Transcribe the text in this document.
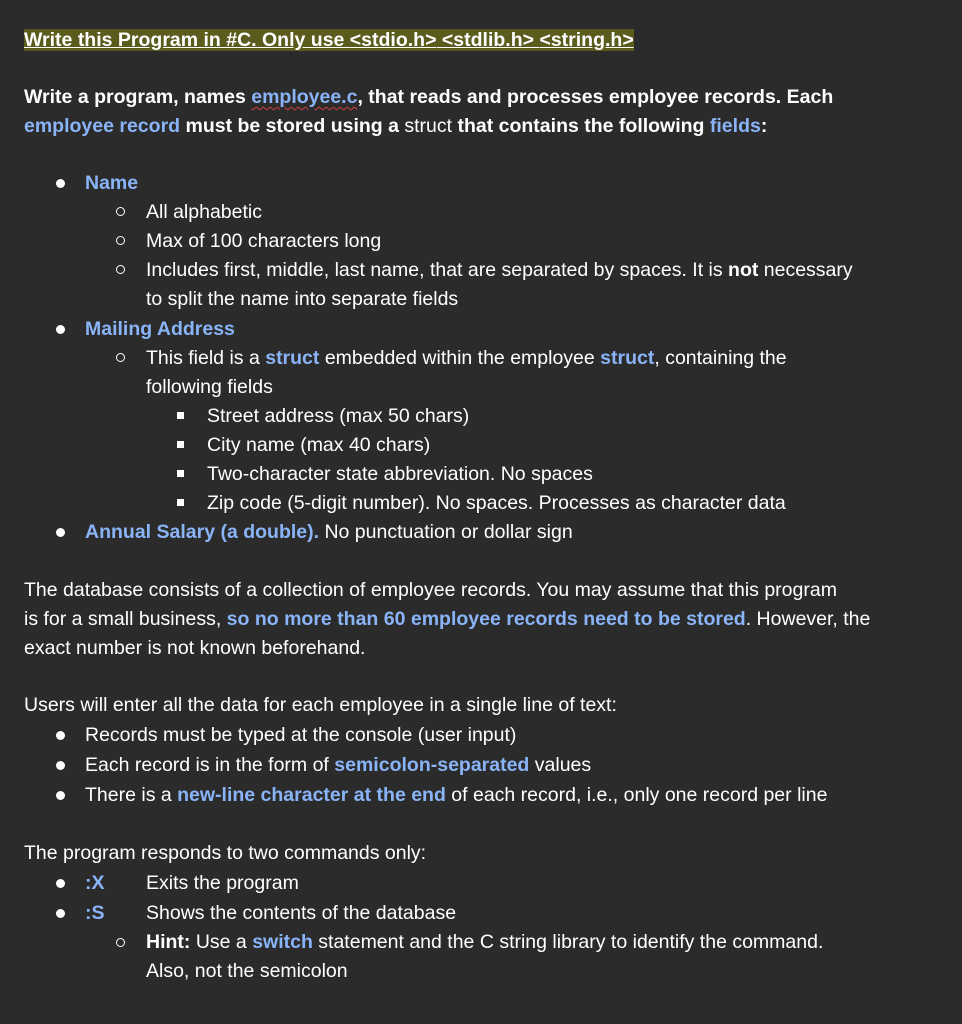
Write this Program in #C. Only use <stdio.h> <stdlib.h> <string.h>
Write a program, names employee.c, that reads and processes employee records. Each
employee record must be stored using a struct that contains the following fields:
Name
All alphabetic
Max of 100 characters long
Includes first, middle, last name, that are separated by spaces. It is not necessary
to split the name into separate fields
Mailing Address
This field is a struct embedded within the employee struct, containing the
following fields
Street address (max 50 chars)
City name (max 40 chars)
Two-character state abbreviation. No spaces
Zip code (5-digit number). No spaces. Processes as character data
Annual Salary (a double). No punctuation or dollar sign
The database consists of a collection of employee records. You may assume that this program
is for a small business, so no more than 60 employee records need to be stored. However, the
exact number is not known beforehand.
Users will enter all the data for each employee in a single line of text:
Records must be typed at the console (user input)
Each record is in the form of semicolon-separated values
There is a new-line character at the end of each record, i.e., only one record per line
The program responds to two commands only:
:X Exits the program
:S Shows the contents of the database
Hint: Use a switch statement and the C string library to identify the command.
Also, not the semicolon
